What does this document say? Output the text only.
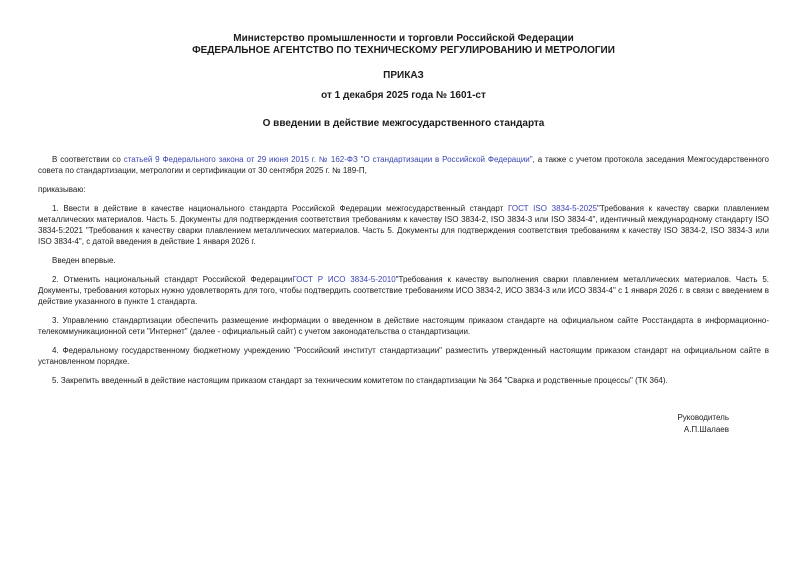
Министерство промышленности и торговли Российской Федерации
ФЕДЕРАЛЬНОЕ АГЕНТСТВО ПО ТЕХНИЧЕСКОМУ РЕГУЛИРОВАНИЮ И МЕТРОЛОГИИ
ПРИКАЗ
от 1 декабря 2025 года № 1601-ст
О введении в действие межгосударственного стандарта

В соответствии со статьей 9 Федерального закона от 29 июня 2015 г. № 162-ФЗ "О стандартизации в Российской Федерации", а также с учетом протокола заседания Межгосударственного совета по стандартизации, метрологии и сертификации от 30 сентября 2025 г. № 189-П,

приказываю:

1. Ввести в действие в качестве национального стандарта Российской Федерации межгосударственный стандарт ГОСТ ISO 3834-5-2025"Требования к качеству сварки плавлением металлических материалов. Часть 5. Документы для подтверждения соответствия требованиям к качеству ISO 3834-2, ISO 3834-3 или ISO 3834-4", идентичный международному стандарту ISO 3834-5:2021 "Требования к качеству сварки плавлением металлических материалов. Часть 5. Документы для подтверждения соответствия требованиям к качеству ISO 3834-2, ISO 3834-3 или ISO 3834-4", с датой введения в действие 1 января 2026 г.

Введен впервые.

2. Отменить национальный стандарт Российской ФедерацииГОСТ Р ИСО 3834-5-2010"Требования к качеству выполнения сварки плавлением металлических материалов. Часть 5. Документы, требования которых нужно удовлетворять для того, чтобы подтвердить соответствие требованиям ИСО 3834-2, ИСО 3834-3 или ИСО 3834-4" с 1 января 2026 г. в связи с введением в действие указанного в пункте 1 стандарта.

3. Управлению стандартизации обеспечить размещение информации о введенном в действие настоящим приказом стандарте на официальном сайте Росстандарта в информационно-телекоммуникационной сети "Интернет" (далее - официальный сайт) с учетом законодательства о стандартизации.

4. Федеральному государственному бюджетному учреждению "Российский институт стандартизации" разместить утвержденный настоящим приказом стандарт на официальном сайте в установленном порядке.

5. Закрепить введенный в действие настоящим приказом стандарт за техническим комитетом по стандартизации № 364 "Сварка и родственные процессы" (ТК 364).

Руководитель
А.П.Шалаев
